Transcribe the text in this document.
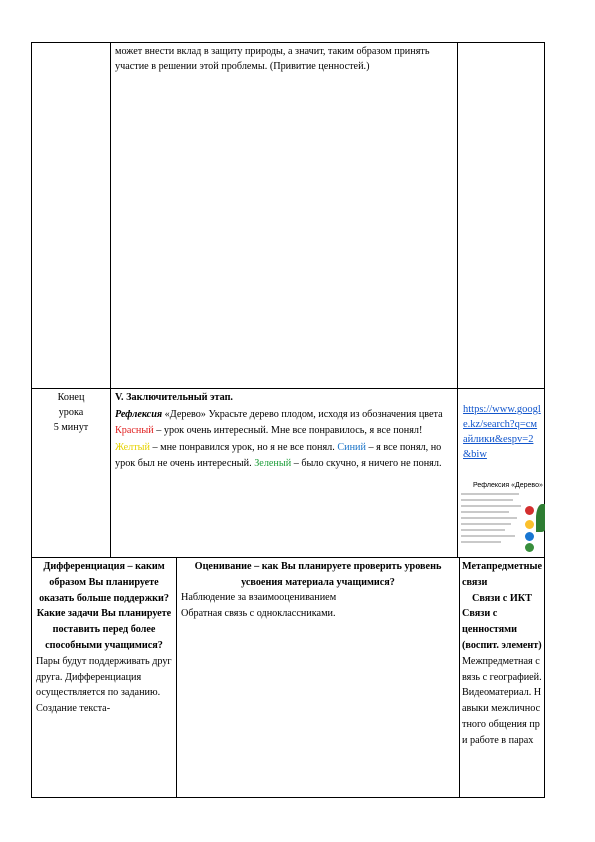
может внести вклад в защиту природы, а значит, таким образом принять участие в решении этой проблемы. (Привитие ценностей.)

Конец

урока

5 минут

V. Заключительный этап.

Рефлексия «Дерево» Украсьте дерево плодом, исходя из обозначения цвета Красный – урок очень интересный. Мне все понравилось, я все понял! Желтый – мне понравился урок, но я не все понял. Синий – я все понял, но урок был не очень интересный. Зеленый – было скучно, я ничего не понял.

https://www.google.kz/search?q=смайлики&espv=2&biw
Рефлексия «Дерево»

Дифференциация – каким образом Вы планируете оказать больше поддержки? Какие задачи Вы планируете поставить перед более способными учащимися?

Пары будут поддерживать друг друга. Дифференциация осуществляется по заданию. Создание текста-

Оценивание – как Вы планируете проверить уровень усвоения материала учащимися?

Наблюдение за взаимооцениванием

Обратная связь с одноклассниками.

Метапредметные связи

Связи с ИКТ

Связи с ценностями (воспит. элемент)

Межпредметная связь с географией. Видеоматериал. Навыки межличностного общения при работе в парах
